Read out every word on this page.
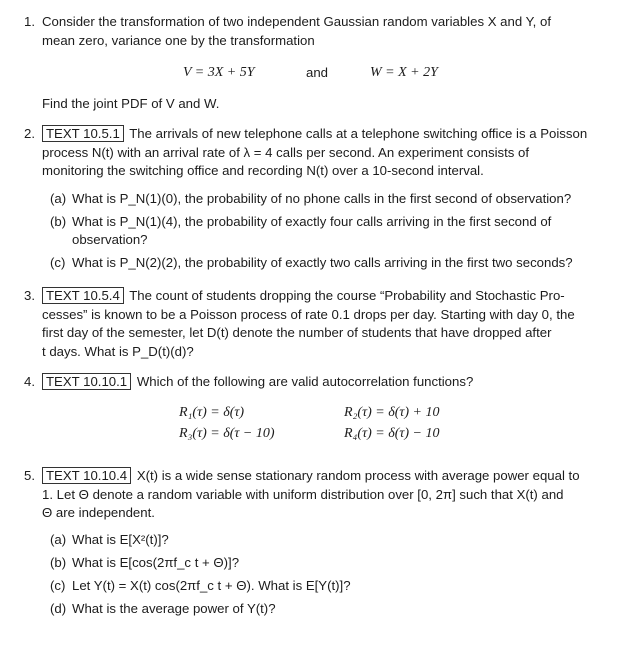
1. Consider the transformation of two independent Gaussian random variables X and Y, of
mean zero, variance one by the transformation
V = 3X + 5Y	and	W = X + 2Y
Find the joint PDF of V and W.
2. TEXT 10.5.1 The arrivals of new telephone calls at a telephone switching office is a Poisson
process N(t) with an arrival rate of λ = 4 calls per second. An experiment consists of
monitoring the switching office and recording N(t) over a 10-second interval.
(a) What is P_N(1)(0), the probability of no phone calls in the first second of observation?
(b) What is P_N(1)(4), the probability of exactly four calls arriving in the first second of
observation?
(c) What is P_N(2)(2), the probability of exactly two calls arriving in the first two seconds?
3. TEXT 10.5.4 The count of students dropping the course “Probability and Stochastic Pro-
cesses” is known to be a Poisson process of rate 0.1 drops per day. Starting with day 0, the
first day of the semester, let D(t) denote the number of students that have dropped after
t days. What is P_D(t)(d)?
4. TEXT 10.10.1 Which of the following are valid autocorrelation functions?
R₁(τ) = δ(τ)	R₂(τ) = δ(τ) + 10
R₃(τ) = δ(τ − 10)	R₄(τ) = δ(τ) − 10
5. TEXT 10.10.4 X(t) is a wide sense stationary random process with average power equal to
1. Let Θ denote a random variable with uniform distribution over [0, 2π] such that X(t) and
Θ are independent.
(a) What is E[X²(t)]?
(b) What is E[cos(2πf_c t + Θ)]?
(c) Let Y(t) = X(t) cos(2πf_c t + Θ). What is E[Y(t)]?
(d) What is the average power of Y(t)?
